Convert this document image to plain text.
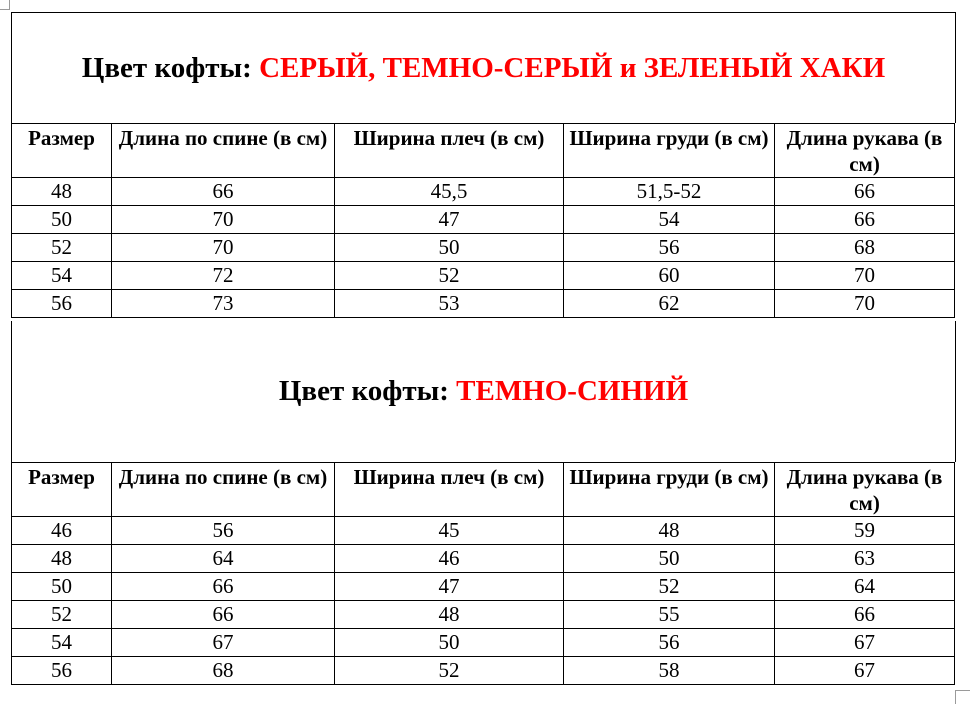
Цвет кофты:
СЕРЫЙ, ТЕМНО-СЕРЫЙ и ЗЕЛЕНЫЙ ХАКИ
Размер	Длина по спине (в см)	Ширина плеч (в см)	Ширина груди (в см)	Длина рукава (в см)
48	66	45,5	51,5-52	66
50	70	47	54	66
52	70	50	56	68
54	72	52	60	70
56	73	53	62	70
Цвет кофты:
ТЕМНО-СИНИЙ
Размер	Длина по спине (в см)	Ширина плеч (в см)	Ширина груди (в см)	Длина рукава (в см)
46	56	45	48	59
48	64	46	50	63
50	66	47	52	64
52	66	48	55	66
54	67	50	56	67
56	68	52	58	67
